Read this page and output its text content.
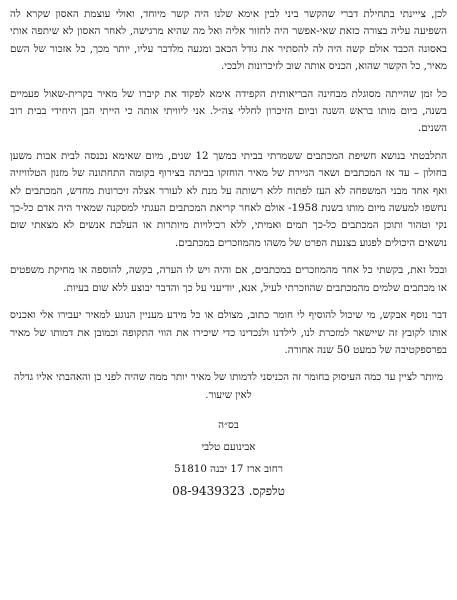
לכן, צייינתי בתחילת דברי שהקשר ביני לבין אימא שלנו היה קשר מיוחד, ואולי עוצמת האסון שקרא לה השפיעה עליה בצורה כזאת שאי-אפשר היה לחזור אליה ואל מה שהיא מרגישה, לאחר האסון לא שיתפה אותי באסונה הכבד אולם קשה היה לה להסתיר את גודל הכאב ומגעה מלדבר עליו, יותר מכך, כל אזכור של השם מאיר, כל הקשר שהוא, הכניס אותה שוב לזיכרונות ולבכי.

כל זמן שהייתה מסוגלת מבחינה הבריאותית הקפידה אימא לפקוד את קיברו של מאיר בקרית-שאול פעמיים בשנה, ביום מותו בראש השנה וביום הזיכרון לחללי צה״ל. אני ליוויתי אותה כי הייתי הבן היחידי בבית רוב השנים.

התלבטתי בנושא חשיפת המכתבים ששמרתי בביתי במשך 12 שנים, מיום שאימא נכנסה לבית אבות משען בחולון – עד אז המכתבים ושאר הניירת של מאיר הוחזקו בביתה בצירוף בקומה התחתונה של מזנון הטלוויזיה ואף אחד מבני המשפחה לא העז לפתוח ללא רשותה על מנת לא לעורר אצלה זיכרונות מחדש, המכתבים לא נחשפו למעשה מיום מותו בשנת 1958- אולם לאחר קריאת המכתבים העגתי למסקנה שמאיר היה אדם כל-כך נקי וטהור ותוכן המכתבים כל-כך תמים ואמיתי, ללא רכילויות מיותרות או העלבת אנשים לא מצאתי שום נושאים היכולים לפגוע בצנעת הפרט של משהו מהמוזכרים במכתבים.

ובכל זאת, בקשתי כל אחד מהמוזכרים במכתבים, אם והיה ויש לו הערה, בקשה, להוספה או מחיקת משפטים או מכתבים שלמים מהמכתבים שהוזכרתי לעיל, אנא, יודיעני על כך והדבר יבוצע ללא שום בעיות.

דבר נוסף אבקש, מי שיכול להוסיף לי חומר כתוב, מצולם או כל מידע מעניין הנוגע למאיר יעבירו אלי ואכניס אותו לקובץ זה שיישאר למזכרת לנו, לילדנו ולנכדינו כדי שיכירו את הווי התקופה וכמובן את דמותו של מאיר בפרספקטיבה של כמעט 50 שנה אחורה.

מיותר לציין עד כמה העיסוק בחומר זה הכניסני לדמותו של מאיר יותר ממה שהיה לפני כן והאהבתי אליו גדלה לאין שיעור.

בס״ה
אבינועם טלבי
רחוב ארז 17 יבנה 51810
טלפקס. 08-9439323
